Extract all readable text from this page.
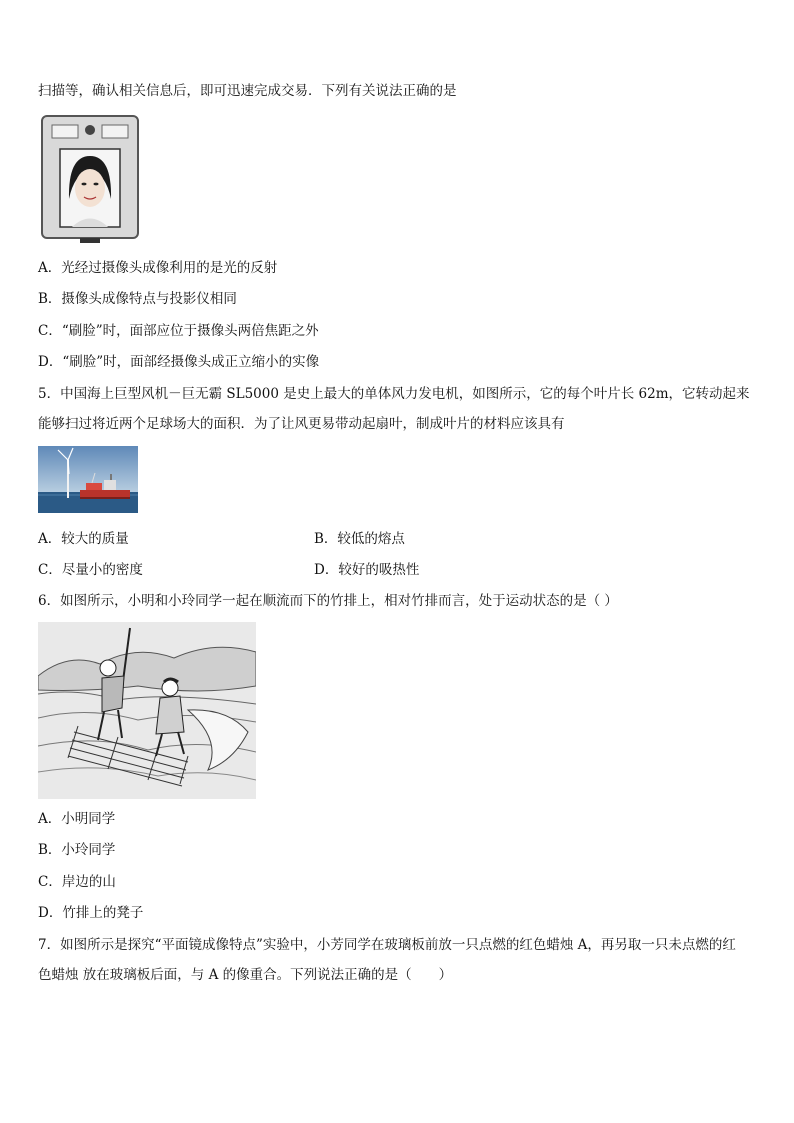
扫描等，确认相关信息后，即可迅速完成交易．下列有关说法正确的是
A．光经过摄像头成像利用的是光的反射
B．摄像头成像特点与投影仪相同
C．“刷脸”时，面部应位于摄像头两倍焦距之外
D．“刷脸”时，面部经摄像头成正立缩小的实像
5．中国海上巨型风机－巨无霸 SL5000 是史上最大的单体风力发电机，如图所示，它的每个叶片长 62m，它转动起来
能够扫过将近两个足球场大的面积．为了让风更易带动起扇叶，制成叶片的材料应该具有
A．较大的质量	B．较低的熔点
C．尽量小的密度	D．较好的吸热性
6．如图所示，小明和小玲同学一起在顺流而下的竹排上，相对竹排而言，处于运动状态的是（ ）
A．小明同学
B．小玲同学
C．岸边的山
D．竹排上的凳子
7．如图所示是探究“平面镜成像特点”实验中，小芳同学在玻璃板前放一只点燃的红色蜡烛 A，再另取一只未点燃的红
色蜡烛 放在玻璃板后面，与 A 的像重合。下列说法正确的是（　　）
